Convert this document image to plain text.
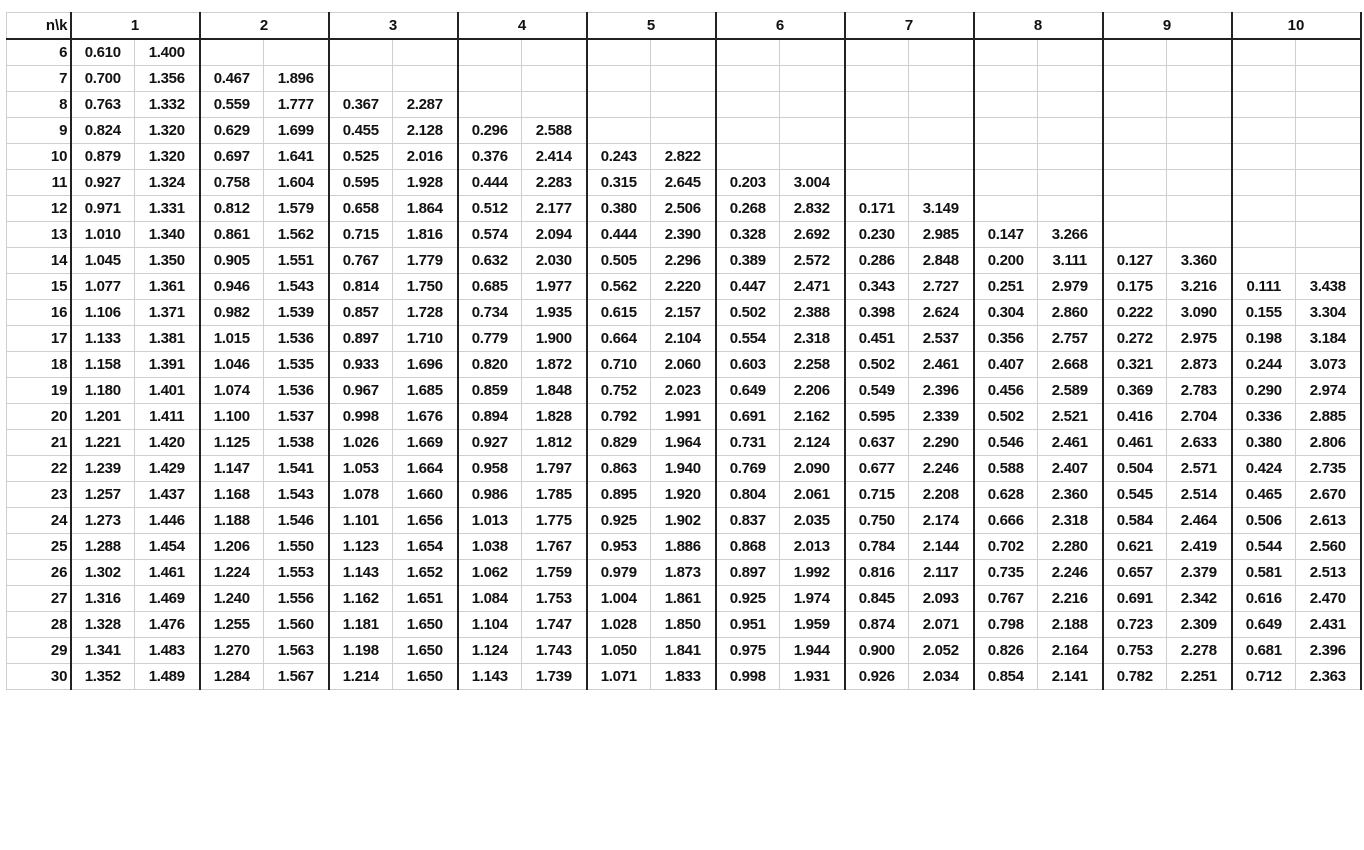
n\k	1		2		3		4		5		6		7		8		9		10	
6	0.610	1.400																		
7	0.700	1.356	0.467	1.896																
8	0.763	1.332	0.559	1.777	0.367	2.287														
9	0.824	1.320	0.629	1.699	0.455	2.128	0.296	2.588												
10	0.879	1.320	0.697	1.641	0.525	2.016	0.376	2.414	0.243	2.822										
11	0.927	1.324	0.758	1.604	0.595	1.928	0.444	2.283	0.315	2.645	0.203	3.004								
12	0.971	1.331	0.812	1.579	0.658	1.864	0.512	2.177	0.380	2.506	0.268	2.832	0.171	3.149						
13	1.010	1.340	0.861	1.562	0.715	1.816	0.574	2.094	0.444	2.390	0.328	2.692	0.230	2.985	0.147	3.266				
14	1.045	1.350	0.905	1.551	0.767	1.779	0.632	2.030	0.505	2.296	0.389	2.572	0.286	2.848	0.200	3.111	0.127	3.360		
15	1.077	1.361	0.946	1.543	0.814	1.750	0.685	1.977	0.562	2.220	0.447	2.471	0.343	2.727	0.251	2.979	0.175	3.216	0.111	3.438
16	1.106	1.371	0.982	1.539	0.857	1.728	0.734	1.935	0.615	2.157	0.502	2.388	0.398	2.624	0.304	2.860	0.222	3.090	0.155	3.304
17	1.133	1.381	1.015	1.536	0.897	1.710	0.779	1.900	0.664	2.104	0.554	2.318	0.451	2.537	0.356	2.757	0.272	2.975	0.198	3.184
18	1.158	1.391	1.046	1.535	0.933	1.696	0.820	1.872	0.710	2.060	0.603	2.258	0.502	2.461	0.407	2.668	0.321	2.873	0.244	3.073
19	1.180	1.401	1.074	1.536	0.967	1.685	0.859	1.848	0.752	2.023	0.649	2.206	0.549	2.396	0.456	2.589	0.369	2.783	0.290	2.974
20	1.201	1.411	1.100	1.537	0.998	1.676	0.894	1.828	0.792	1.991	0.691	2.162	0.595	2.339	0.502	2.521	0.416	2.704	0.336	2.885
21	1.221	1.420	1.125	1.538	1.026	1.669	0.927	1.812	0.829	1.964	0.731	2.124	0.637	2.290	0.546	2.461	0.461	2.633	0.380	2.806
22	1.239	1.429	1.147	1.541	1.053	1.664	0.958	1.797	0.863	1.940	0.769	2.090	0.677	2.246	0.588	2.407	0.504	2.571	0.424	2.735
23	1.257	1.437	1.168	1.543	1.078	1.660	0.986	1.785	0.895	1.920	0.804	2.061	0.715	2.208	0.628	2.360	0.545	2.514	0.465	2.670
24	1.273	1.446	1.188	1.546	1.101	1.656	1.013	1.775	0.925	1.902	0.837	2.035	0.750	2.174	0.666	2.318	0.584	2.464	0.506	2.613
25	1.288	1.454	1.206	1.550	1.123	1.654	1.038	1.767	0.953	1.886	0.868	2.013	0.784	2.144	0.702	2.280	0.621	2.419	0.544	2.560
26	1.302	1.461	1.224	1.553	1.143	1.652	1.062	1.759	0.979	1.873	0.897	1.992	0.816	2.117	0.735	2.246	0.657	2.379	0.581	2.513
27	1.316	1.469	1.240	1.556	1.162	1.651	1.084	1.753	1.004	1.861	0.925	1.974	0.845	2.093	0.767	2.216	0.691	2.342	0.616	2.470
28	1.328	1.476	1.255	1.560	1.181	1.650	1.104	1.747	1.028	1.850	0.951	1.959	0.874	2.071	0.798	2.188	0.723	2.309	0.649	2.431
29	1.341	1.483	1.270	1.563	1.198	1.650	1.124	1.743	1.050	1.841	0.975	1.944	0.900	2.052	0.826	2.164	0.753	2.278	0.681	2.396
30	1.352	1.489	1.284	1.567	1.214	1.650	1.143	1.739	1.071	1.833	0.998	1.931	0.926	2.034	0.854	2.141	0.782	2.251	0.712	2.363
